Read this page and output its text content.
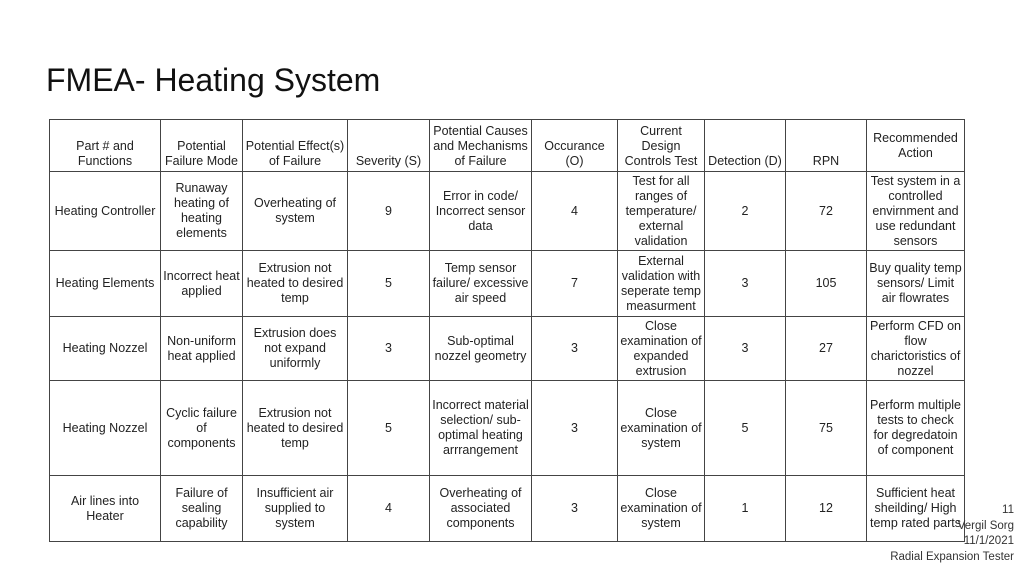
FMEA- Heating System
Part # and Functions	Potential Failure Mode	Potential Effect(s) of Failure	Severity (S)	Potential Causes and Mechanisms of Failure	Occurance (O)	Current Design Controls Test	Detection (D)	RPN	Recommended Action
Heating Controller	Runaway heating of heating elements	Overheating of system	9	Error in code/ Incorrect sensor data	4	Test for all ranges of temperature/ external validation	2	72	Test system in a controlled envirnment and use redundant sensors
Heating Elements	Incorrect heat applied	Extrusion not heated to desired temp	5	Temp sensor failure/ excessive air speed	7	External validation with seperate temp measurment	3	105	Buy quality temp sensors/ Limit air flowrates
Heating Nozzel	Non-uniform heat applied	Extrusion does not expand uniformly	3	Sub-optimal nozzel geometry	3	Close examination of expanded extrusion	3	27	Perform CFD on flow charictoristics of nozzel
Heating Nozzel	Cyclic failure of components	Extrusion not heated to desired temp	5	Incorrect material selection/ sub-optimal heating arrrangement	3	Close examination of system	5	75	Perform multiple tests to check for degredatoin of component
Air lines into Heater	Failure of sealing capability	Insufficient air supplied to system	4	Overheating of associated components	3	Close examination of system	1	12	Sufficient heat sheilding/ High temp rated parts
11
Vergil Sorg
11/1/2021
Radial Expansion Tester
